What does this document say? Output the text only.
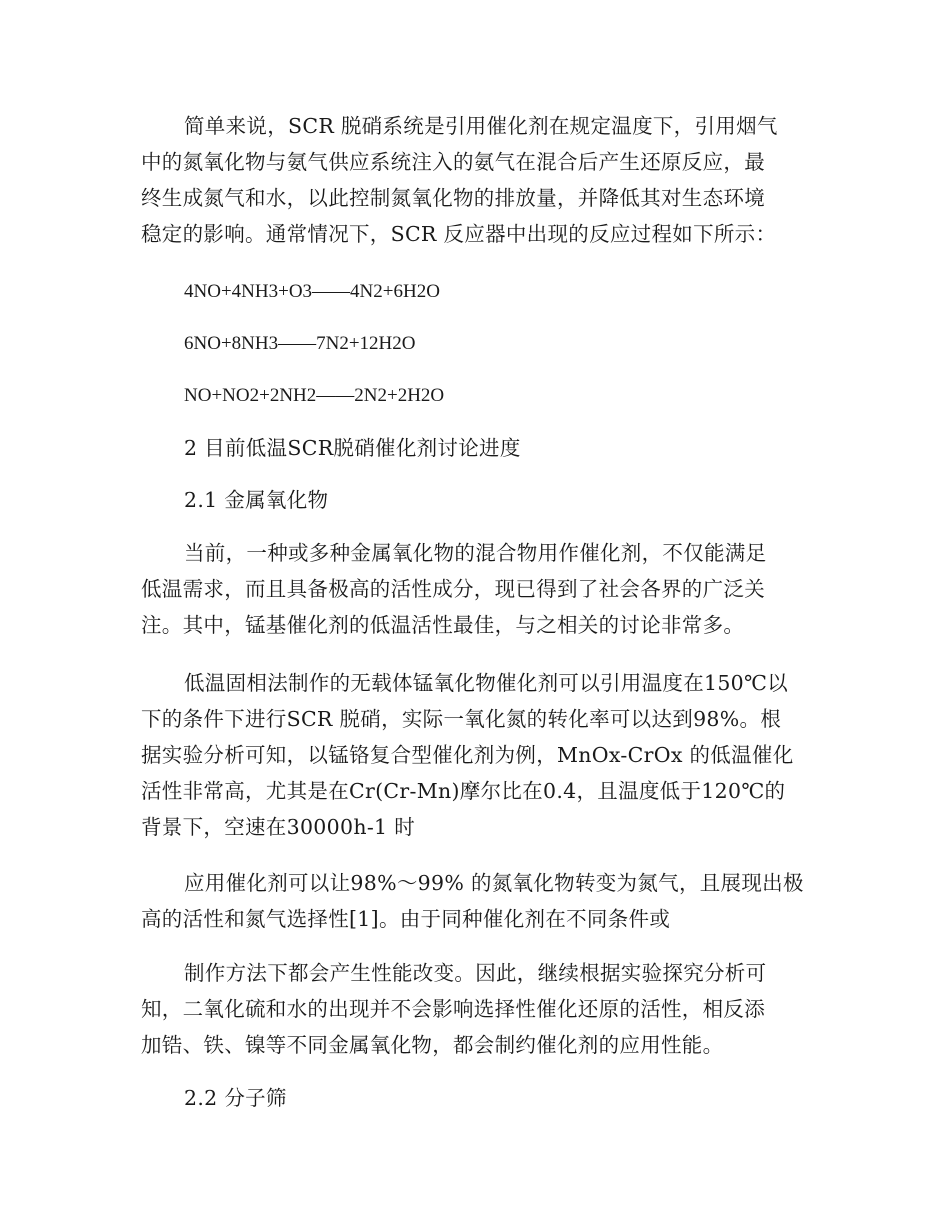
简单来说，SCR 脱硝系统是引用催化剂在规定温度下，引用烟气
中的氮氧化物与氨气供应系统注入的氨气在混合后产生还原反应，最
终生成氮气和水，以此控制氮氧化物的排放量，并降低其对生态环境
稳定的影响。通常情况下，SCR 反应器中出现的反应过程如下所示：
4NO+4NH3+O3——4N2+6H2O
6NO+8NH3——7N2+12H2O
NO+NO2+2NH2——2N2+2H2O
2 目前低温SCR脱硝催化剂讨论进度
2.1 金属氧化物
当前，一种或多种金属氧化物的混合物用作催化剂，不仅能满足
低温需求，而且具备极高的活性成分，现已得到了社会各界的广泛关
注。其中，锰基催化剂的低温活性最佳，与之相关的讨论非常多。
低温固相法制作的无载体锰氧化物催化剂可以引用温度在150℃以
下的条件下进行SCR 脱硝，实际一氧化氮的转化率可以达到98%。根
据实验分析可知，以锰铬复合型催化剂为例，MnOx-CrOx 的低温催化
活性非常高，尤其是在Cr(Cr-Mn)摩尔比在0.4，且温度低于120℃的
背景下，空速在30000h-1 时
应用催化剂可以让98%～99% 的氮氧化物转变为氮气，且展现出极
高的活性和氮气选择性[1]。由于同种催化剂在不同条件或
制作方法下都会产生性能改变。因此，继续根据实验探究分析可
知，二氧化硫和水的出现并不会影响选择性催化还原的活性，相反添
加锆、铁、镍等不同金属氧化物，都会制约催化剂的应用性能。
2.2 分子筛
